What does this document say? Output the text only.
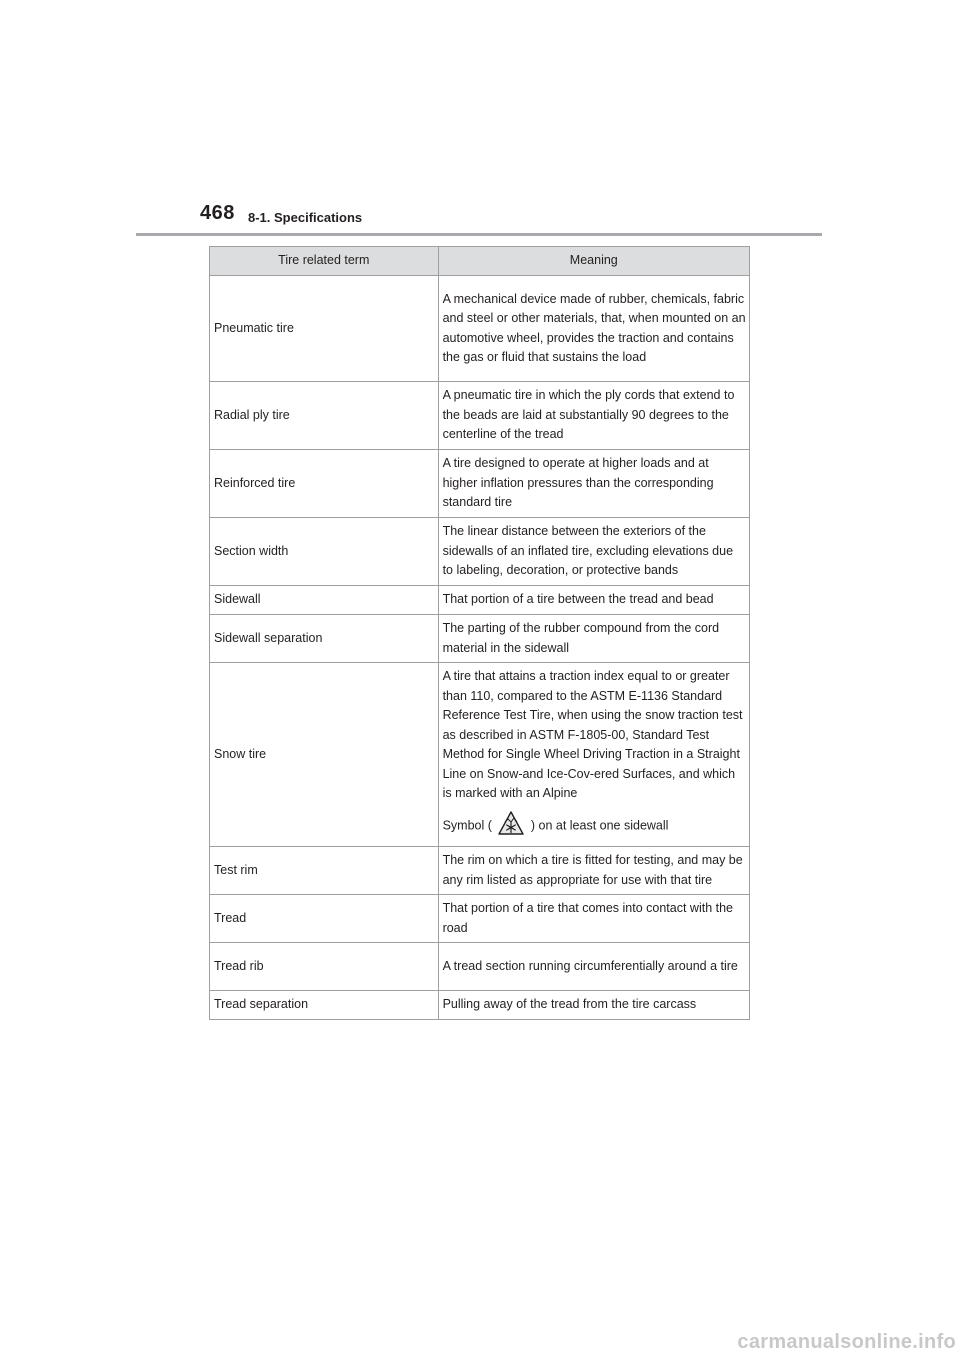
468 8-1. Specifications
Tire related term	Meaning
Pneumatic tire	A mechanical device made of rubber, chemicals, fabric and steel or other materials, that, when mounted on an automotive wheel, provides the traction and contains the gas or fluid that sustains the load
Radial ply tire	A pneumatic tire in which the ply cords that extend to the beads are laid at substantially 90 degrees to the centerline of the tread
Reinforced tire	A tire designed to operate at higher loads and at higher inflation pressures than the corresponding standard tire
Section width	The linear distance between the exteriors of the sidewalls of an inflated tire, excluding elevations due to labeling, decoration, or protective bands
Sidewall	That portion of a tire between the tread and bead
Sidewall separation	The parting of the rubber compound from the cord material in the sidewall
Snow tire	A tire that attains a traction index equal to or greater than 110, compared to the ASTM E-1136 Standard Reference Test Tire, when using the snow traction test as described in ASTM F-1805-00, Standard Test Method for Single Wheel Driving Traction in a Straight Line on Snow-and Ice-Cov-ered Surfaces, and which is marked with an Alpine
Symbol ( ) on at least one sidewall

Test rim	The rim on which a tire is fitted for testing, and may be any rim listed as appropriate for use with that tire
Tread	That portion of a tire that comes into contact with the road
Tread rib	A tread section running circumferentially around a tire
Tread separation	Pulling away of the tread from the tire carcass
carmanualsonline.info
